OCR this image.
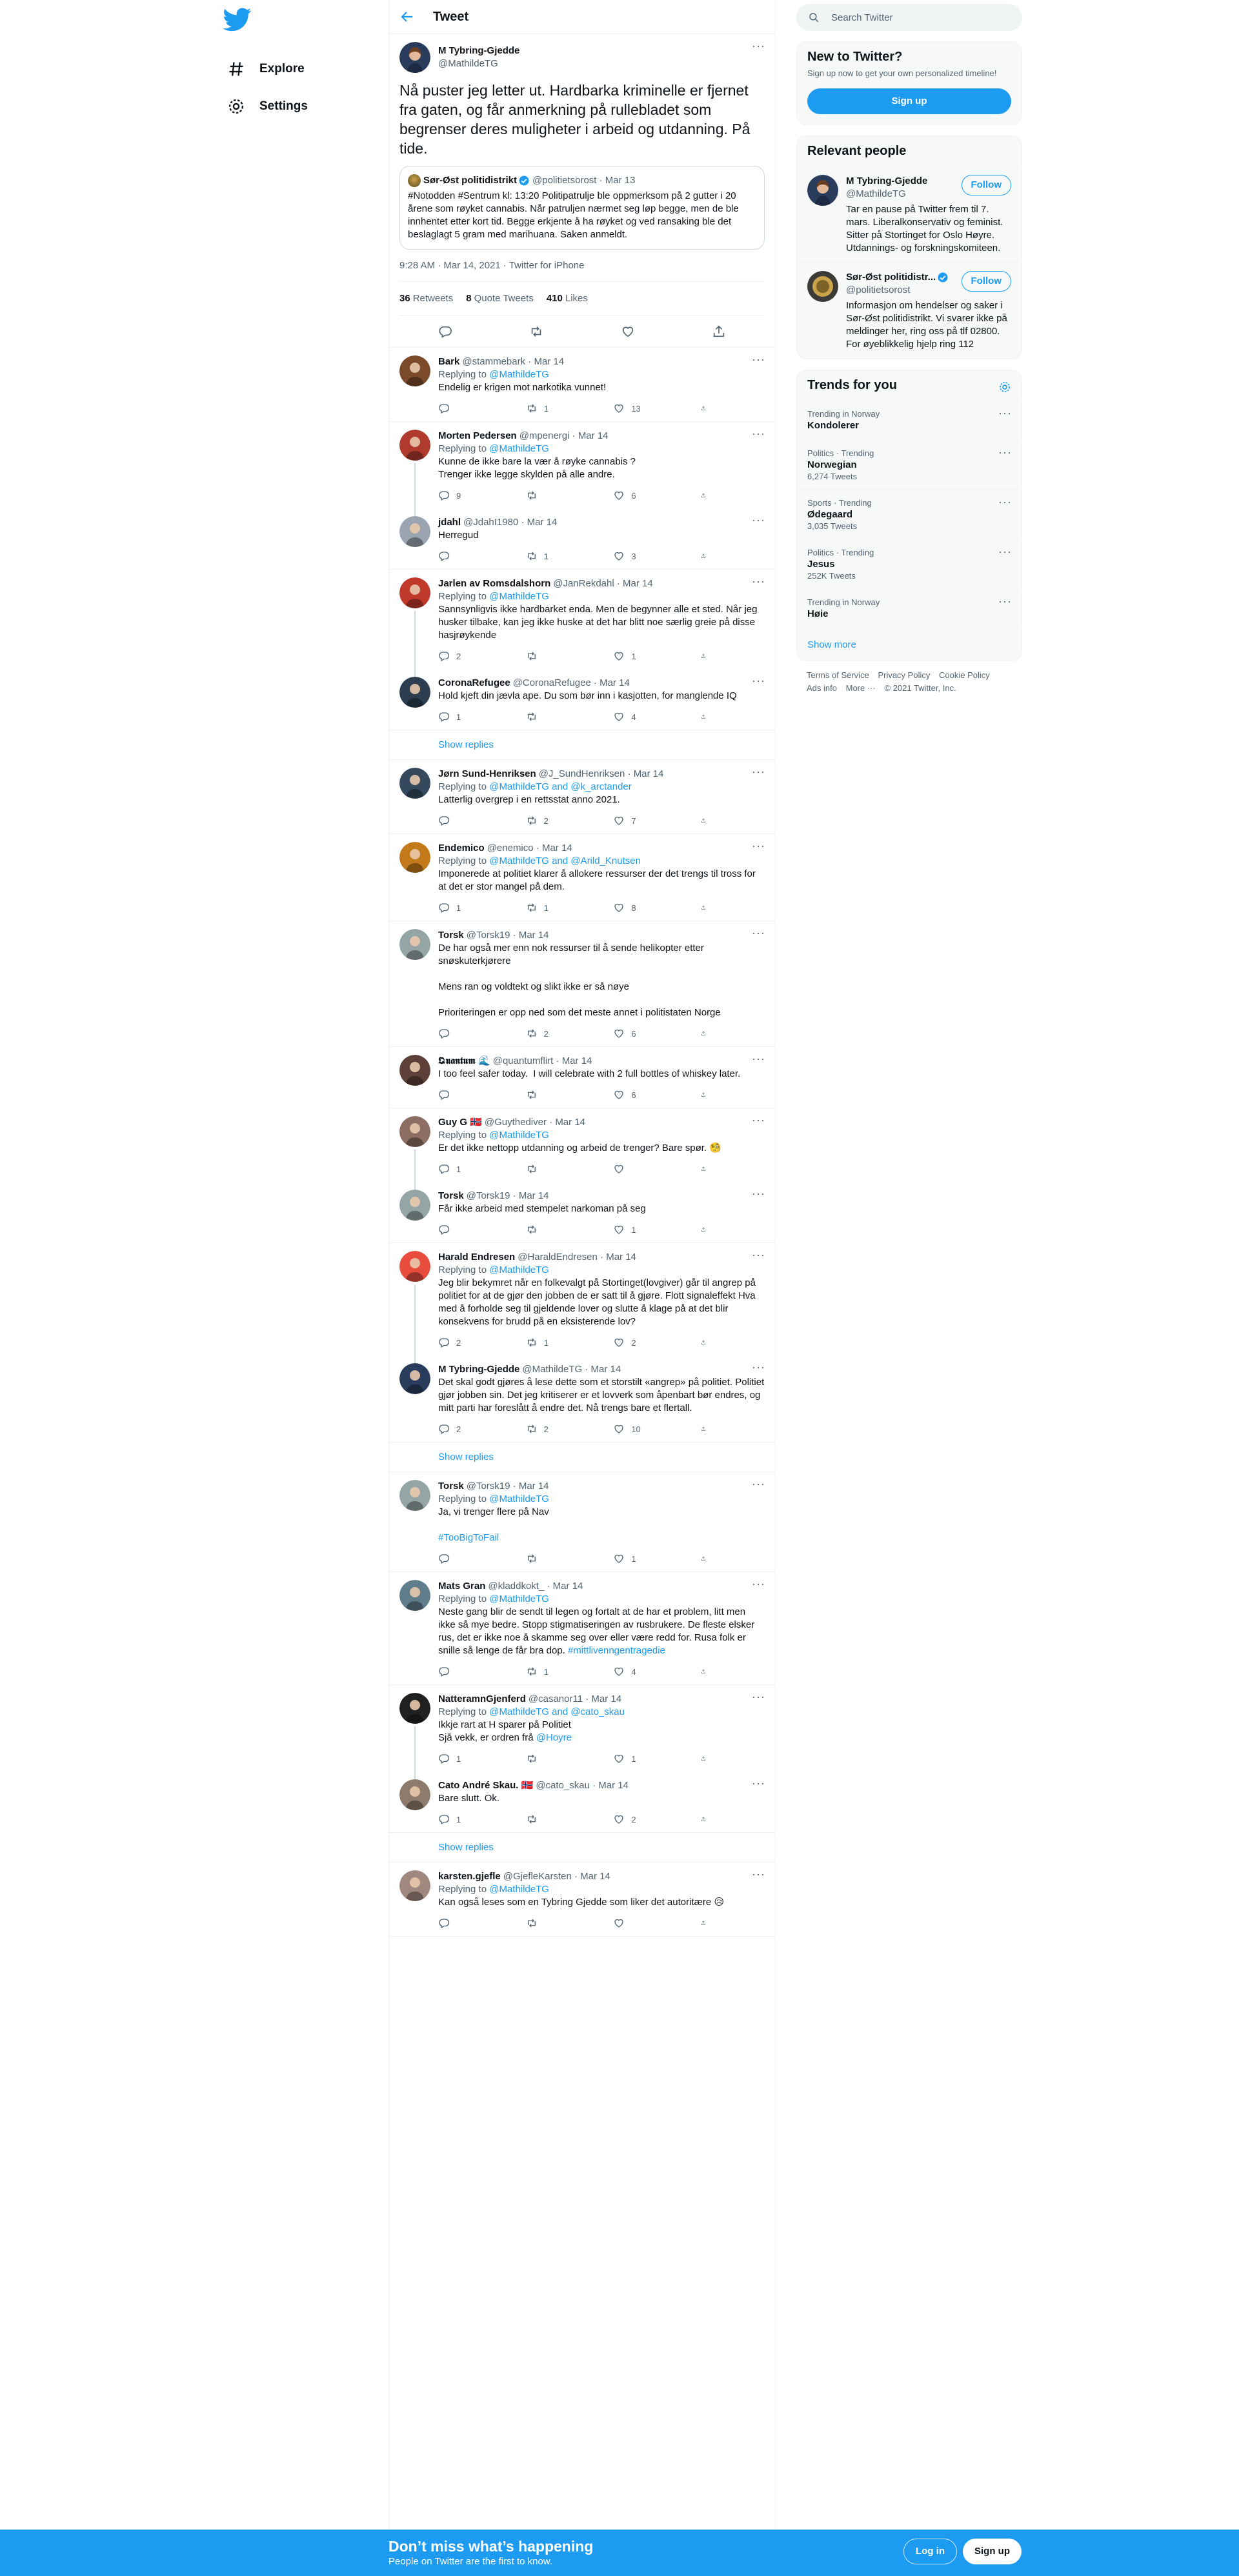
Explore
Settings
Tweet
M Tybring-Gjedde
@MathildeTG
···
Nå puster jeg letter ut. Hardbarka kriminelle er fjernet fra gaten, og får anmerkning på rullebladet som begrenser deres muligheter i arbeid og utdanning. På tide.
Sør-Øst politidistrikt @politietsorost · Mar 13
#Notodden #Sentrum kl: 13:20 Politipatrulje ble oppmerksom på 2 gutter i 20 årene som røyket cannabis. Når patruljen nærmet seg løp begge, men de ble innhentet etter kort tid. Begge erkjente å ha røyket og ved ransaking ble det beslaglagt 5 gram med marihuana. Saken anmeldt.
9:28 AM · Mar 14, 2021 · Twitter for iPhone
36 Retweets 8 Quote Tweets 410 Likes
Bark @stammebark · Mar 14	···
Replying to @MathildeTG
Endelig er krigen mot narkotika vunnet!
1	13
Morten Pedersen @mpenergi · Mar 14	···
Replying to @MathildeTG
Kunne de ikke bare la vær å røyke cannabis ?
Trenger ikke legge skylden på alle andre.
9	6
jdahl @JdahI1980 · Mar 14	···
Herregud
1	3
Jarlen av Romsdalshorn @JanRekdahl · Mar 14	···
Replying to @MathildeTG
Sannsynligvis ikke hardbarket enda. Men de begynner alle et sted. Når jeg husker tilbake, kan jeg ikke huske at det har blitt noe særlig greie på disse hasjrøykende
2	1
CoronaRefugee @CoronaRefugee · Mar 14	···
Hold kjeft din jævla ape. Du som bør inn i kasjotten, for manglende IQ
1	4
Show replies
Jørn Sund-Henriksen @J_SundHenriksen · Mar 14	···
Replying to @MathildeTG and @k_arctander
Latterlig overgrep i en rettsstat anno 2021.
2	7
Endemico @enemico · Mar 14	···
Replying to @MathildeTG and @Arild_Knutsen
Imponerede at politiet klarer å allokere ressurser der det trengs til tross for at det er stor mangel på dem.
1	1	8
Torsk @Torsk19 · Mar 14	···
De har også mer enn nok ressurser til å sende helikopter etter snøskuterkjørere

Mens ran og voldtekt og slikt ikke er så nøye

Prioriteringen er opp ned som det meste annet i politistaten Norge
2	6
𝕼𝖚𝖆𝖓𝖙𝖚𝖒 🌊 @quantumflirt · Mar 14	···
I too feel safer today.  I will celebrate with 2 full bottles of whiskey later.
6
Guy G 🇳🇴 @Guythediver · Mar 14	···
Replying to @MathildeTG
Er det ikke nettopp utdanning og arbeid de trenger? Bare spør. 🧐
1
Torsk @Torsk19 · Mar 14	···
Får ikke arbeid med stempelet narkoman på seg
1
Harald Endresen @HaraldEndresen · Mar 14	···
Replying to @MathildeTG
Jeg blir bekymret når en folkevalgt på Stortinget(lovgiver) går til angrep på politiet for at de gjør den jobben de er satt til å gjøre. Flott signaleffekt Hva med å forholde seg til gjeldende lover og slutte å klage på at det blir konsekvens for brudd på en eksisterende lov?
2	1	2
M Tybring-Gjedde @MathildeTG · Mar 14	···
Det skal godt gjøres å lese dette som et storstilt «angrep» på politiet. Politiet gjør jobben sin. Det jeg kritiserer er et lovverk som åpenbart bør endres, og mitt parti har foreslått å endre det. Nå trengs bare et flertall.
2	2	10
Show replies
Torsk @Torsk19 · Mar 14	···
Replying to @MathildeTG
Ja, vi trenger flere på Nav

#TooBigToFail
1
Mats Gran @kladdkokt_ · Mar 14	···
Replying to @MathildeTG
Neste gang blir de sendt til legen og fortalt at de har et problem, litt men ikke så mye bedre. Stopp stigmatiseringen av rusbrukere. De fleste elsker rus, det er ikke noe å skamme seg over eller være redd for. Rusa folk er snille så lenge de får bra dop. #mittlivenngentragedie
1	4
NatteramnGjenferd @casanor11 · Mar 14	···
Replying to @MathildeTG and @cato_skau
Ikkje rart at H sparer på Politiet
Sjå vekk, er ordren frå @Hoyre
1	1
Cato André Skau. 🇳🇴 @cato_skau · Mar 14	···
Bare slutt. Ok.
1	2
Show replies
karsten.gjefle @GjefleKarsten · Mar 14	···
Replying to @MathildeTG
Kan også leses som en Tybring Gjedde som liker det autoritære 😥
Search Twitter
New to Twitter?
Sign up now to get your own personalized timeline!
Sign up
Relevant people
M Tybring-Gjedde
@MathildeTG
Follow
Tar en pause på Twitter frem til 7. mars. Liberalkonservativ og feminist. Sitter på Stortinget for Oslo Høyre. Utdannings- og forskningskomiteen.
Sør-Øst politidistr...
@politietsorost
Follow
Informasjon om hendelser og saker i Sør-Øst politidistrikt. Vi svarer ikke på meldinger her, ring oss på tlf 02800. For øyeblikkelig hjelp ring 112
Trends for you
Trending in Norway
Kondolerer
···
Politics · Trending
Norwegian
6,274 Tweets
···
Sports · Trending
Ødegaard
3,035 Tweets
···
Politics · Trending
Jesus
252K Tweets
···
Trending in Norway
Høie
···
Show more
Terms of Service Privacy Policy Cookie Policy
Ads info More ··· © 2021 Twitter, Inc.
Don’t miss what’s happening
People on Twitter are the first to know.
Log in	Sign up
